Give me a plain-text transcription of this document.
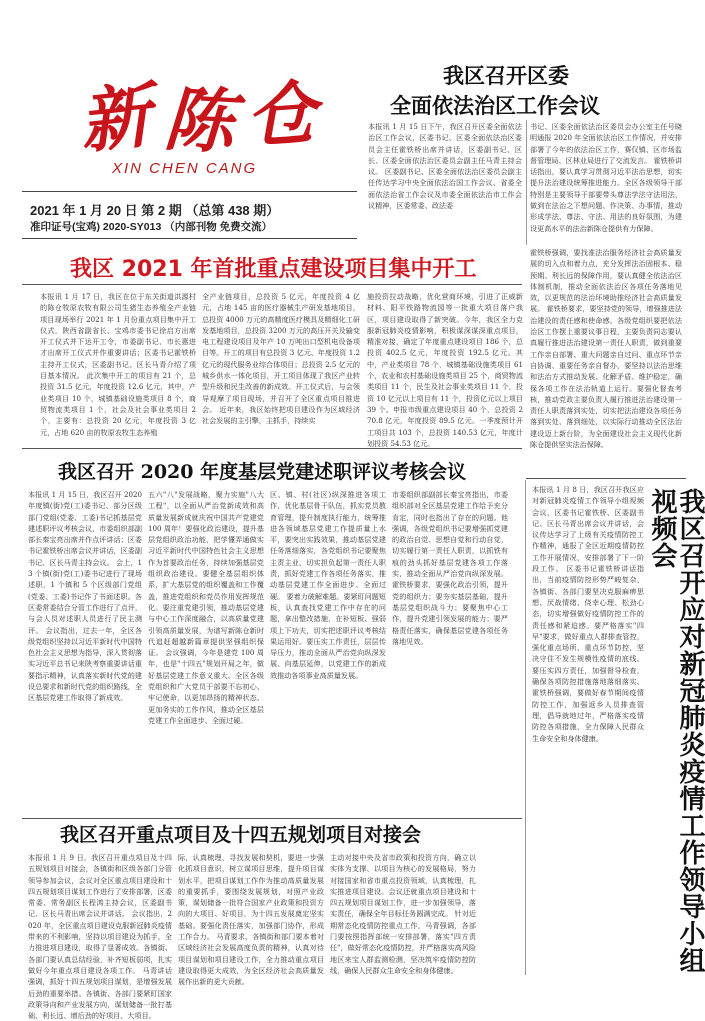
新 陈 仓
XIN CHEN CANG
2021 年 1 月 20 日 第 2 期 （总第 438 期）
准印证号(宝鸡) 2020-SY013 （内部刊物 免费交流）
我区召开区委
全面依法治区工作会议
本报讯 1 月 15 日下午，我区召开区委全面依法治区工作会议，区委书记、区委全面依法治区委员会主任霍铁桥出席并讲话，区委副书记、区长、区委全面依法治区委员会副主任马青主持会议。 区委副书记、区委全面依法治区委员会副主任传达学习中央全面依法治国工作会议、省委全面依法治省工作会议及市委全面依法治市工作会议精神，区委常委、政法委
书记、区委全面依法治区委员会办公室主任号晓明通报 2020 年全面依法治区工作情况，并安排部署了今年的依法治区工作，赛仅镇、区市场监督管理局、区林业局进行了交流发言。 霍铁桥讲话指出，要认真学习贯彻习近平法治思想，切实提升法治建设统筹推进能力。全区各级领导干部特别是主要领导干部要带头尊法学法守法用法，做到在法治之下想问题、作决策、办事情，推动形成学法、尊法、守法、用法的良好氛围，为建设更高水平的法治新陈仓提供有力保障。
霍铁桥强调，要找准法治服务经济社会高质量发展的切入点和着力点，充分发挥法治固根本、稳预期、利长远的保障作用，要认真健全依法治区体制机制，推动全面依法治区各项任务落地见效，以更规范的法治环境助推经济社会高质量发展。 霍铁桥要求，要坚持党的领导，增强推进法治建设的责任感和使命感。各级党组织要把依法治区工作摆上重要议事日程，主要负责同志要认真履行推进法治建设第一责任人职责，做到重要工作亲自部署、重大问题亲自过问、重点环节亲自协调、重要任务亲自督办，要坚持以法治思维和法治方式推动发展、化解矛盾、维护稳定，确保各项工作在法治轨道上运行。要强化督查考核，推动党政主要负责人履行推进法治建设第一责任人职责落到实处，切实把法治建设各项任务落到实处、落到细处，以实际行动推动全区法治建设迈上新台阶，为全面建设社会主义现代化新陈仓提供坚实法治保障。
我区 2021 年首批重点建设项目集中开工
本报讯 1 月 17 日，我区在位于东关街道洪源村的陈仓牧原农牧有限公司生猪生态养殖全产业链项目现场举行 2021 年 1 月份重点项目集中开工仪式，陕西省副省长、宝鸡市委书记徐启方出席开工仪式并下达开工令，市委副书记、市长惠进才出席开工仪式并作重要讲话；区委书记霍铁桥主持开工仪式，区委副书记、区长马青介绍了项目基本情况。 此次集中开工的项目有 21 个，总投资 31.5 亿元，年度投资 12.6 亿元，其中，产业类项目 10 个，城镇基础设施类项目 8 个，商贸物流类项目 1 个，社会及社会事业类项目 2 个，主要有：总投资 20 亿元，年度投资 3 亿元，占地 620 亩的牧原农牧生态养殖
全产业链项目，总投资 5 亿元，年度投资 4 亿元，占地 145 亩的医疗器械生产研发基地项目，总投资 4000 万元的高精度医疗模具及精细化工研发基地项目，总投资 3200 万元的高压开关及输变电工程建设项目及年产 10 万吨出口型机电设备项目等。开工的项目有总投资 3 亿元、年度投资 1.2 亿元的现代服务业综合体项目；总投资 2.5 亿元的城乡供水一体化项目，开工项目体现了我区产业转型升级和民生改善的新成效。开工仪式后，与会领导观摩了项目现场，并召开了全区重点项目推进会。 近年来，我区始终把项目建设作为区域经济社会发展的主引擎，主抓手，持续实
施投资拉动战略，优化营商环境，引进了正威新材料、阳平铁路物流园等一批重大项目落户我区，项目建设取得了新突破。今年，我区全力克服新冠肺炎疫情影响，积极谋深谋深重点项目，精准对接，确定了年度重点建设项目 186 个，总投资 402.5 亿元，年度投资 192.5 亿元。其中，产业类项目 78 个，城镇基础设施类项目 61 个，农业和农村基础设施类项目 25 个，商贸物流类项目 11 个，民生及社会事业类项目 11 个，投资 10 亿元以上项目有 11 个，投资亿元以上项目 39 个。申报市级重点建设项目 40 个，总投资 270.8 亿元，年度投资 89.5 亿元。一季度预计开工项目共 103 个，总投资 140.53 亿元，年度计划投资 54.53 亿元。
我区召开 2020 年度基层党建述职评议考核会议
本报讯 1 月 15 日，我区召开 2020 年度镇(街)党(工)委书记、部分区级部门党组(党委、工委)书记抓基层党建述职评议考核会议，市委组织部副部长秦宝亮出席并作点评讲话；区委书记霍铁桥出席会议并讲话，区委副书记、区长马青主持会议。 会上，13 个镇(街)党(工)委书记进行了现场述职，1 个镇和 5 个区级部门党组(党委、工委)书记作了书面述职。各区委常委结合分管工作进行了点评，与会人员对述职人员进行了民主测评。 会议指出，过去一年，全区各级党组织坚持以习近平新时代中国特色社会主义思想为指导，深入贯彻落实习近平总书记来陕考察重要讲话重要指示精神，认真落实新时代党的建设总要求和新时代党的组织路线，全区基层党建工作取得了新成效。
五六"八"发展战略，聚力实施"八大工程"，以全面从严治党新成效和高质量发展新成就庆祝中国共产党建党 100 周年！要强化政治建设，提升基层党组织政治功能，把学懂弄通做实习近平新时代中国特色社会主义思想作为首要政治任务，持续加强基层党组织政治建设。要健全基层组织体系，扩大基层党的组织覆盖和工作覆盖，推进党组织和党员作用发挥规范化。要注重党建引领，推动基层党建与中心工作深度融合，以高质量党建引领高质量发展，为谱写新陈仓新时代追赶超越新篇章提供坚强组织保证。 会议强调，今年是建党 100 周年，也是"十四五"规划开局之年，做好基层党建工作意义重大。全区各级党组织和广大党员干部要不忘初心、牢记使命，以更加昂扬的精神状态、更加务实的工作作风，推动全区基层党建工作全面进步、全面过硬。
区、镇、村(社区)纵深推进各项工作，优化基层骨干队伍，抓实党员教育管理，提升制度执行能力，统筹推进各领域基层党建工作提质量上水平，要突出实践效果，推动基层党建任务落细落实，各党组织书记要聚焦主责主业，切实担负起第一责任人职责，抓好党建工作各项任务落实，推动基层党建工作全面进步、全面过硬。 要着力破解难题。要紧盯问题短板，认真查找党建工作中存在的问题，拿出整改措施，在补短板、强弱项上下功夫，切实把述职评议考核结果运用好。要压实工作责任，层层传导压力，推动全面从严治党向纵深发展、向基层延伸，以党建工作的新成效推动各项事业高质量发展。
市委组织部副部长秦宝亮指出，市委组织部对全区基层党建工作给予充分肯定，同时也指出了存在的问题。他强调，各级党组织书记要增强抓党建的政治自觉、思想自觉和行动自觉，切实履行第一责任人职责，以抓铁有痕的劲头抓好基层党建各项工作落实，推动全面从严治党向纵深发展。 霍铁桥要求，要强化政治引领，提升党的组织力；要夯实基层基础，提升基层党组织战斗力；要聚焦中心工作，提升党建引领发展的能力；要严格责任落实，确保基层党建各项任务落地见效。
我区召开重点项目及十四五规划项目对接会
本报讯 1 月 9 日，我区召开重点项目及十四五规划项目对接会，各镇街和区级各部门分管领导参加会议，会议对全区重点项目建设和十四五规划项目谋划工作进行了安排部署，区委常委、常务副区长程鸿主持会议，区委副书记、区长马青出席会议并讲话。 会议指出，2020 年，全区重点项目建设克服新冠肺炎疫情带来的不利影响，坚持以项目建设为抓手，全力推进项目建设，取得了显著成效。各镇街、各部门要认真总结经验，补齐短板弱项，扎实做好今年重点项目建设各项工作。 马青讲话强调，抓好十四五规划项目谋划，是增强发展后劲的重要举措。各镇街、各部门要紧盯国家政策导向和产业发展方向，谋划储备一批打基础、利长远、增后劲的好项目、大项目。
际，认真梳理，寻找发展和契机，要进一步强化抓项目意识，树立谋项目思维，提升项目谋划水平，把项目谋划工作作为推动高质量发展的重要抓手，要围绕发展规划，对照产业政策，谋划储备一批符合国家产业政策和投资方向的大项目、好项目，为十四五发展奠定坚实基础。要强化责任落实，加强部门协作，形成工作合力。 马青要求，各镇街和部门要本着对区域经济社会发展高度负责的精神，认真对待项目谋划和项目建设工作，全力推动重点项目建设取得更大成效，为全区经济社会高质量发展作出新的更大贡献。
主动对接中央及省市政策和投资方向，确立以实体为支撑、以项目为核心的发展格局，努力对接国家和省市重点投资领域，认真梳理，扎实推进项目建设。会议还就重点项目建设和十四五规划项目谋划工作，进一步加强领导，落实责任，确保全年目标任务圆满完成。 针对近期常态化疫情防控重点工作，马青强调，各部门要按照指挥部统一安排部署，落实"四方责任"，做好常态化疫情防控，并严格落实高风险地区来宝人群监测检测，坚决筑牢疫情防控防线，确保人民群众生命安全和身体健康。
本报讯 1 月 8 日，我区召开我区应对新冠肺炎疫情工作领导小组视频会议，区委书记霍铁桥、区委副书记、区长马青出席会议并讲话，会议传达学习了上级有关疫情防控工作精神，通报了全区近期疫情防控工作开展情况，安排部署了下一阶段工作。 区委书记霍铁桥讲话指出，当前疫情防控形势严峻复杂，各镇街、各部门要坚决克服麻痹思想、厌战情绪、侥幸心理、松劲心态，切实增强做好疫情防控工作的责任感和紧迫感。要严格落实"四早"要求，做好重点人群排查管控，强化重点场所、重点环节防控，坚决守住不发生规模性疫情的底线。要压实四方责任，加强督导检查，确保各项防控措施落地落细落实。 霍铁桥强调，要做好春节期间疫情防控工作，加强返乡人员排查管理，倡导就地过年，严格落实疫情防控各项措施，全力保障人民群众生命安全和身体健康。	我区召开应对新冠肺炎疫情工作领导小组视频会
